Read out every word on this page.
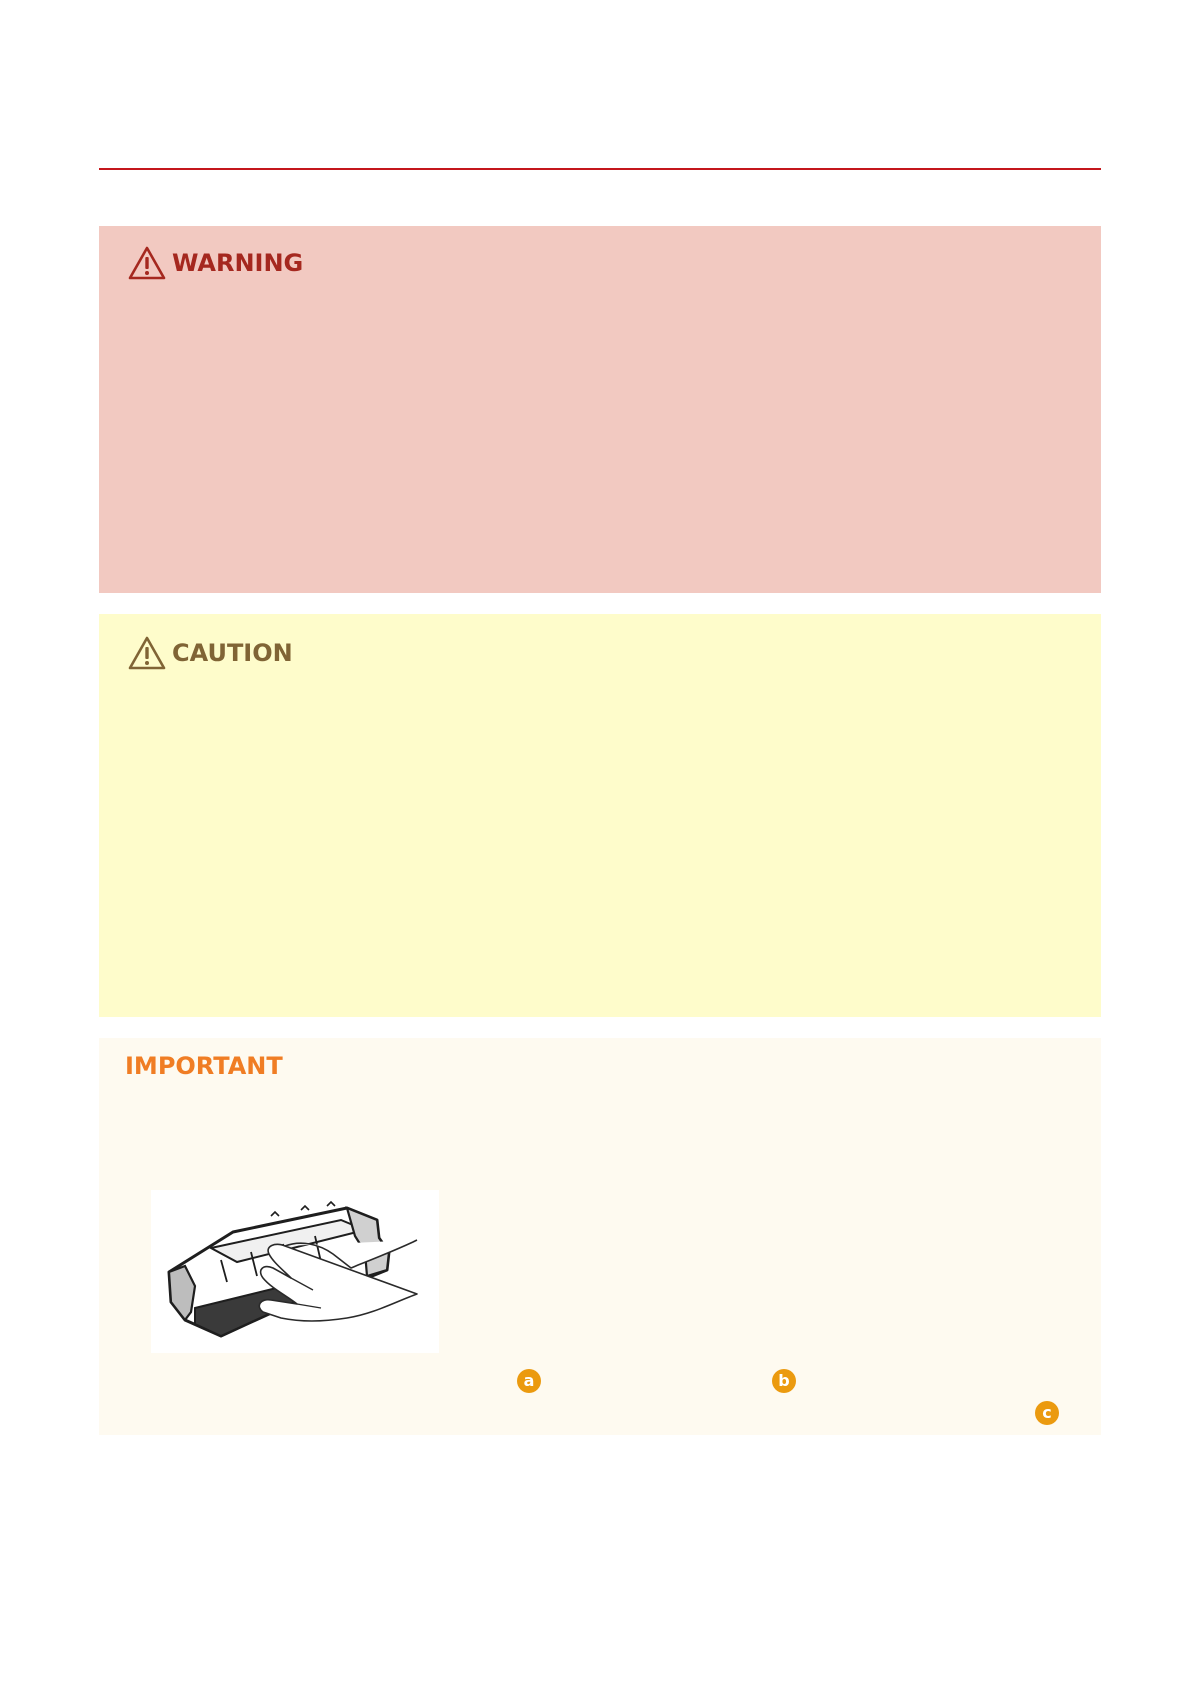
WARNING
CAUTION
IMPORTANT
a	b
c
